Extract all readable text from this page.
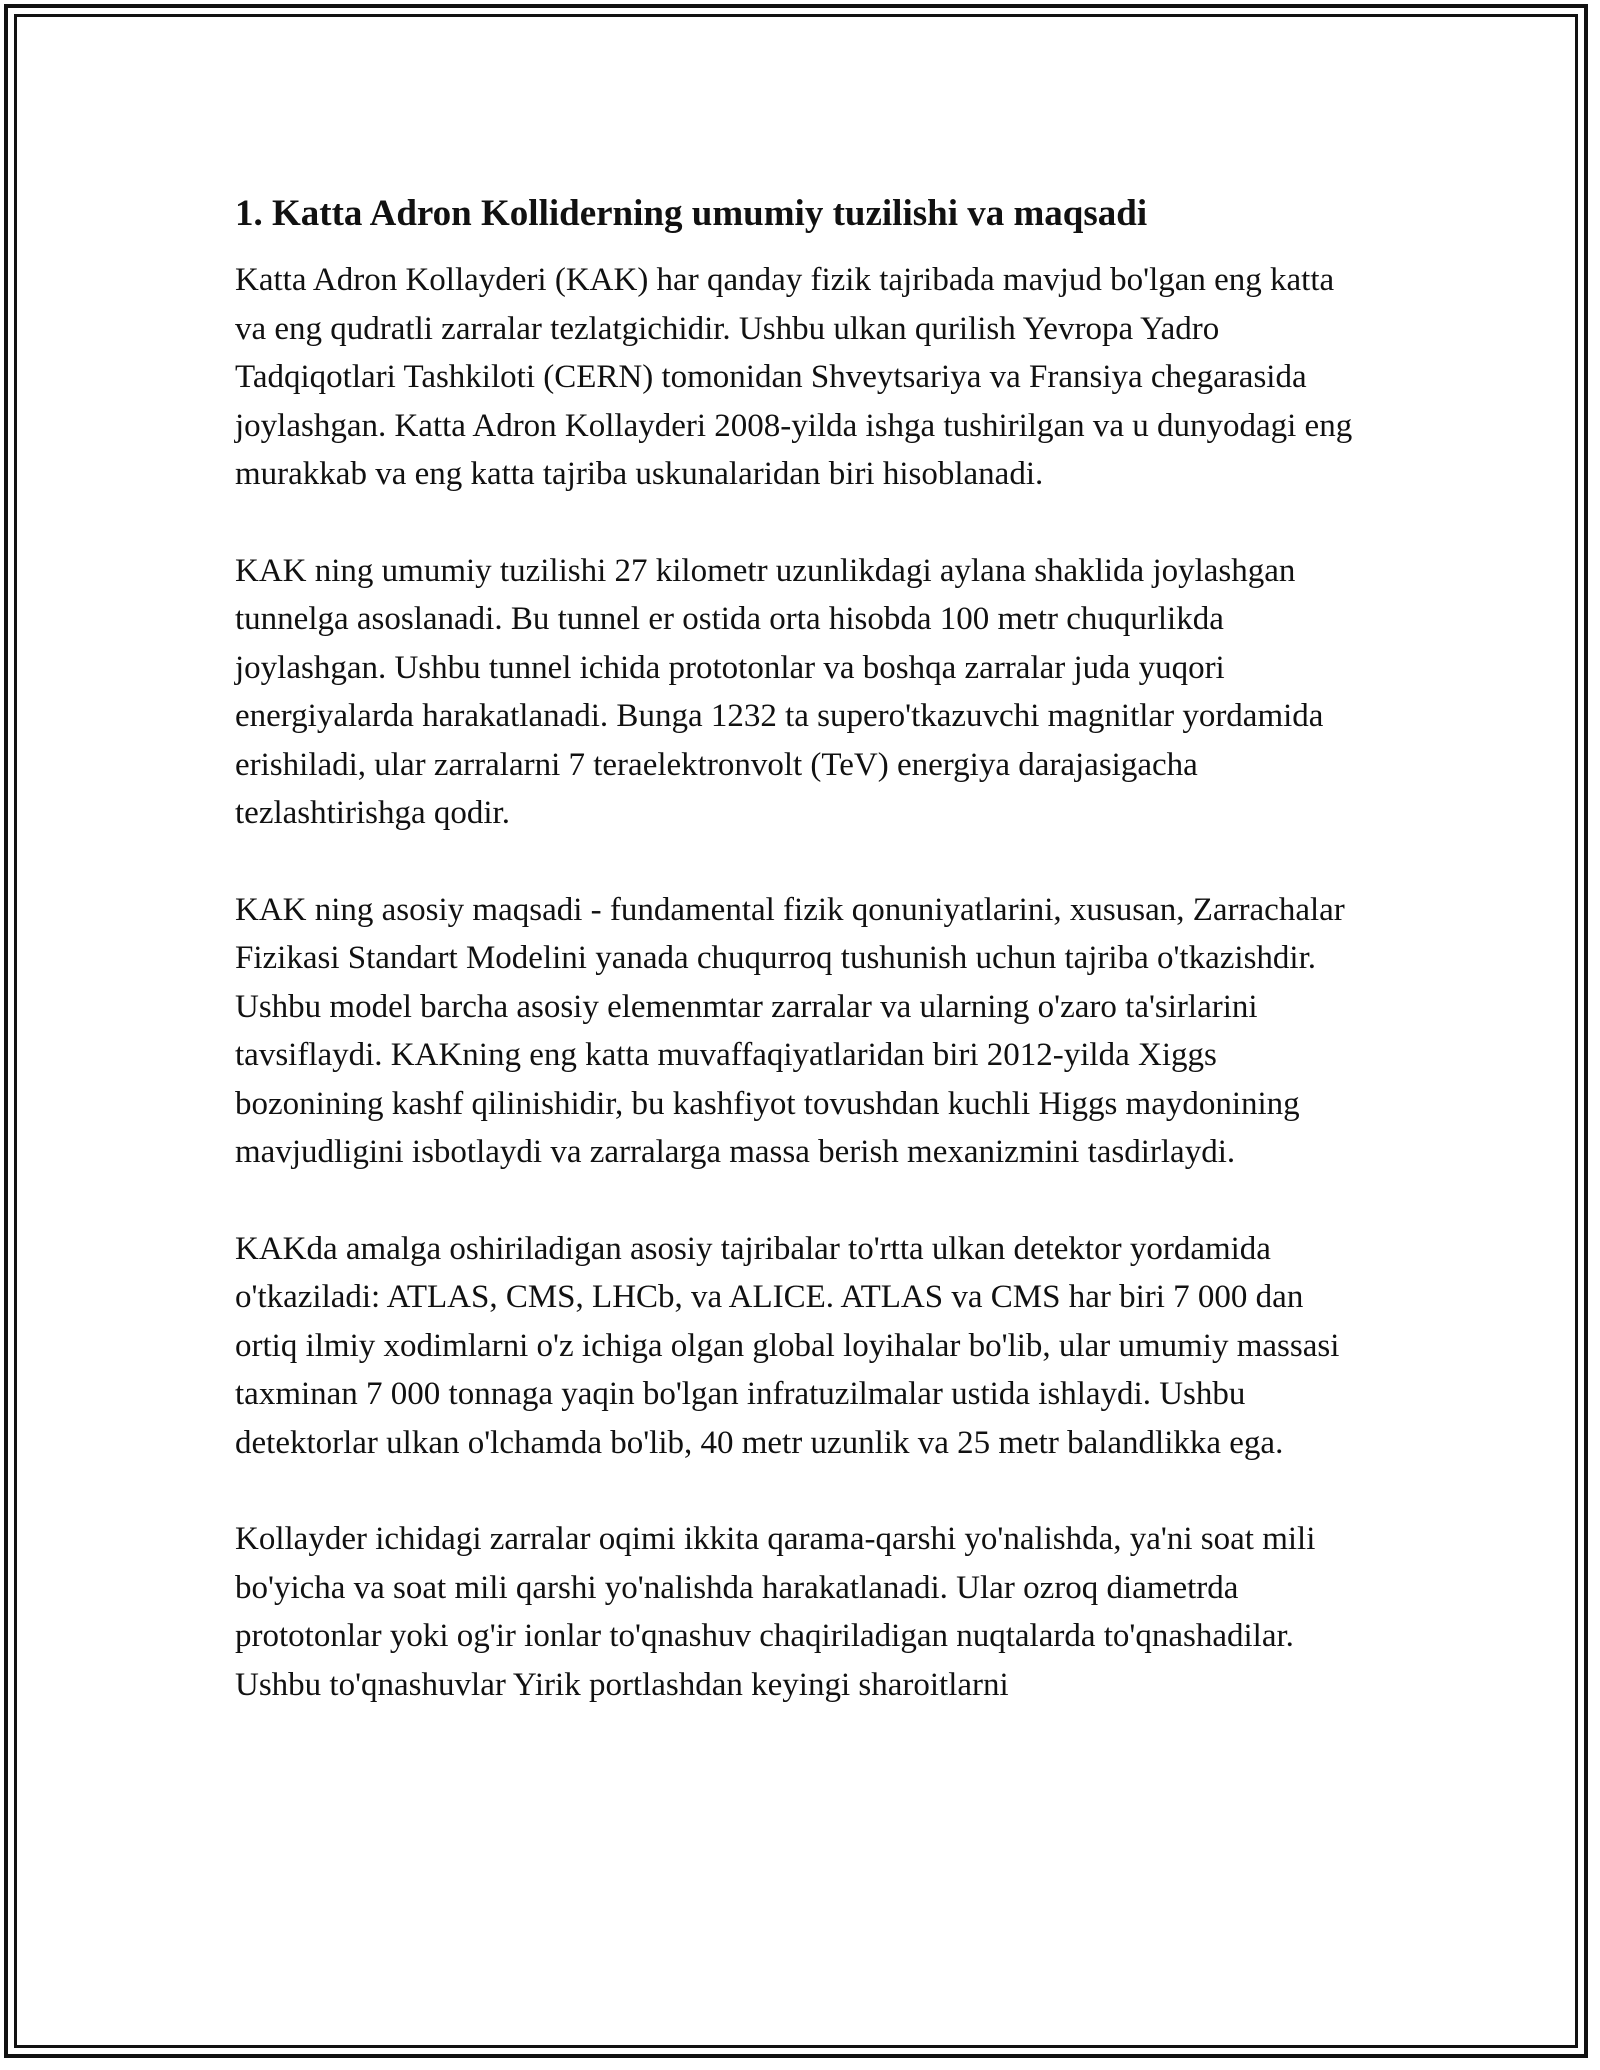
1. Katta Adron Kolliderning umumiy tuzilishi va maqsadi

Katta Adron Kollayderi (KAK) har qanday fizik tajribada mavjud bo'lgan eng katta va eng qudratli zarralar tezlatgichidir. Ushbu ulkan qurilish Yevropa Yadro Tadqiqotlari Tashkiloti (CERN) tomonidan Shveytsariya va Fransiya chegarasida joylashgan. Katta Adron Kollayderi 2008-yilda ishga tushirilgan va u dunyodagi eng murakkab va eng katta tajriba uskunalaridan biri hisoblanadi.

KAK ning umumiy tuzilishi 27 kilometr uzunlikdagi aylana shaklida joylashgan tunnelga asoslanadi. Bu tunnel er ostida orta hisobda 100 metr chuqurlikda joylashgan. Ushbu tunnel ichida prototonlar va boshqa zarralar juda yuqori energiyalarda harakatlanadi. Bunga 1232 ta supero'tkazuvchi magnitlar yordamida erishiladi, ular zarralarni 7 teraelektronvolt (TeV) energiya darajasigacha tezlashtirishga qodir.

KAK ning asosiy maqsadi - fundamental fizik qonuniyatlarini, xususan, Zarrachalar Fizikasi Standart Modelini yanada chuqurroq tushunish uchun tajriba o'tkazishdir. Ushbu model barcha asosiy elemenmtar zarralar va ularning o'zaro ta'sirlarini tavsiflaydi. KAKning eng katta muvaffaqiyatlaridan biri 2012-yilda Xiggs bozonining kashf qilinishidir, bu kashfiyot tovushdan kuchli Higgs maydonining mavjudligini isbotlaydi va zarralarga massa berish mexanizmini tasdirlaydi.

KAKda amalga oshiriladigan asosiy tajribalar to'rtta ulkan detektor yordamida o'tkaziladi: ATLAS, CMS, LHCb, va ALICE. ATLAS va CMS har biri 7 000 dan ortiq ilmiy xodimlarni o'z ichiga olgan global loyihalar bo'lib, ular umumiy massasi taxminan 7 000 tonnaga yaqin bo'lgan infratuzilmalar ustida ishlaydi. Ushbu detektorlar ulkan o'lchamda bo'lib, 40 metr uzunlik va 25 metr balandlikka ega.

Kollayder ichidagi zarralar oqimi ikkita qarama-qarshi yo'nalishda, ya'ni soat mili bo'yicha va soat mili qarshi yo'nalishda harakatlanadi. Ular ozroq diametrda prototonlar yoki og'ir ionlar to'qnashuv chaqiriladigan nuqtalarda to'qnashadilar. Ushbu to'qnashuvlar Yirik portlashdan keyingi sharoitlarni
